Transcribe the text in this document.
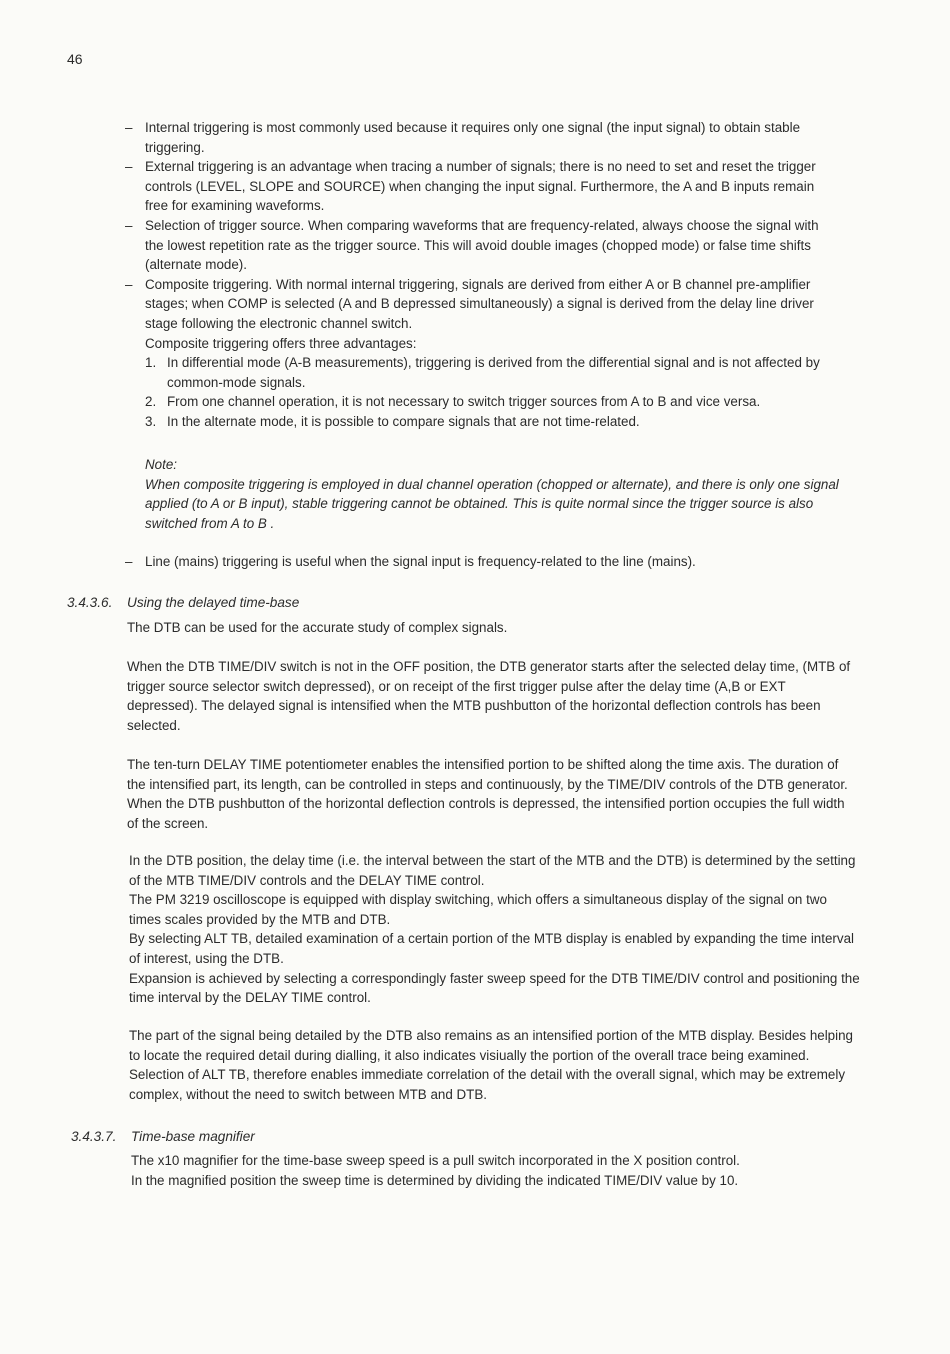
46
– Internal triggering is most commonly used because it requires only one signal (the input signal) to obtain stable triggering.

– External triggering is an advantage when tracing a number of signals; there is no need to set and reset the trigger controls (LEVEL, SLOPE and SOURCE) when changing the input signal. Furthermore, the A and B inputs remain free for examining waveforms.

– Selection of trigger source. When comparing waveforms that are frequency-related, always choose the signal with the lowest repetition rate as the trigger source. This will avoid double images (chopped mode) or false time shifts (alternate mode).

– Composite triggering. With normal internal triggering, signals are derived from either A or B channel pre-amplifier stages; when COMP is selected (A and B depressed simultaneously) a signal is derived from the delay line driver stage following the electronic channel switch.

Composite triggering offers three advantages:

1. In differential mode (A-B measurements), triggering is derived from the differential signal and is not affected by common-mode signals.

2. From one channel operation, it is not necessary to switch trigger sources from A to B and vice versa.

3. In the alternate mode, it is possible to compare signals that are not time-related.

Note:

When composite triggering is employed in dual channel operation (chopped or alternate), and there is only one signal applied (to A or B input), stable triggering cannot be obtained. This is quite normal since the trigger source is also switched from A to B .

– Line (mains) triggering is useful when the signal input is frequency-related to the line (mains).

3.4.3.6. Using the delayed time-base

The DTB can be used for the accurate study of complex signals.

When the DTB TIME/DIV switch is not in the OFF position, the DTB generator starts after the selected delay time, (MTB of trigger source selector switch depressed), or on receipt of the first trigger pulse after the delay time (A,B or EXT depressed). The delayed signal is intensified when the MTB pushbutton of the horizontal deflection controls has been selected.

The ten-turn DELAY TIME potentiometer enables the intensified portion to be shifted along the time axis. The duration of the intensified part, its length, can be controlled in steps and continuously, by the TIME/DIV controls of the DTB generator. When the DTB pushbutton of the horizontal deflection controls is depressed, the intensified portion occupies the full width of the screen.

In the DTB position, the delay time (i.e. the interval between the start of the MTB and the DTB) is determined by the setting of the MTB TIME/DIV controls and the DELAY TIME control.

The PM 3219 oscilloscope is equipped with display switching, which offers a simultaneous display of the signal on two times scales provided by the MTB and DTB.

By selecting ALT TB, detailed examination of a certain portion of the MTB display is enabled by expanding the time interval of interest, using the DTB.

Expansion is achieved by selecting a correspondingly faster sweep speed for the DTB TIME/DIV control and positioning the time interval by the DELAY TIME control.

The part of the signal being detailed by the DTB also remains as an intensified portion of the MTB display. Besides helping to locate the required detail during dialling, it also indicates visiually the portion of the overall trace being examined. Selection of ALT TB, therefore enables immediate correlation of the detail with the overall signal, which may be extremely complex, without the need to switch between MTB and DTB.

3.4.3.7. Time-base magnifier

The x10 magnifier for the time-base sweep speed is a pull switch incorporated in the X position control.

In the magnified position the sweep time is determined by dividing the indicated TIME/DIV value by 10.
